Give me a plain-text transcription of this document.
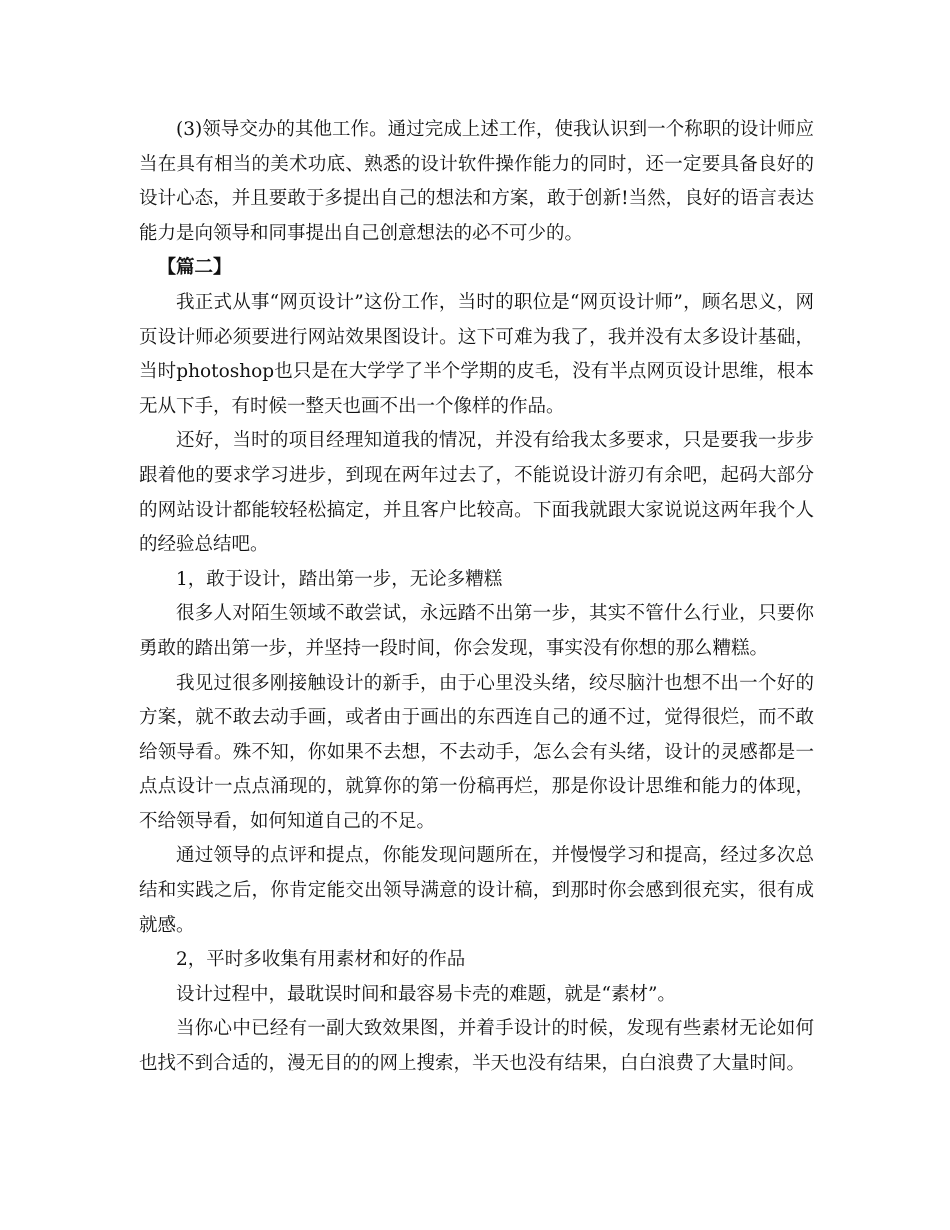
(3)领导交办的其他工作。通过完成上述工作，使我认识到一个称职的设计师应当在具有相当的美术功底、熟悉的设计软件操作能力的同时，还一定要具备良好的设计心态，并且要敢于多提出自己的想法和方案，敢于创新!当然，良好的语言表达能力是向领导和同事提出自己创意想法的必不可少的。

【篇二】

我正式从事“网页设计”这份工作，当时的职位是“网页设计师”，顾名思义，网页设计师必须要进行网站效果图设计。这下可难为我了，我并没有太多设计基础，当时photoshop也只是在大学学了半个学期的皮毛，没有半点网页设计思维，根本无从下手，有时候一整天也画不出一个像样的作品。

还好，当时的项目经理知道我的情况，并没有给我太多要求，只是要我一步步跟着他的要求学习进步，到现在两年过去了，不能说设计游刃有余吧，起码大部分的网站设计都能较轻松搞定，并且客户比较高。下面我就跟大家说说这两年我个人的经验总结吧。

1，敢于设计，踏出第一步，无论多糟糕

很多人对陌生领域不敢尝试，永远踏不出第一步，其实不管什么行业，只要你勇敢的踏出第一步，并坚持一段时间，你会发现，事实没有你想的那么糟糕。

我见过很多刚接触设计的新手，由于心里没头绪，绞尽脑汁也想不出一个好的方案，就不敢去动手画，或者由于画出的东西连自己的通不过，觉得很烂，而不敢给领导看。殊不知，你如果不去想，不去动手，怎么会有头绪，设计的灵感都是一点点设计一点点涌现的，就算你的第一份稿再烂，那是你设计思维和能力的体现，不给领导看，如何知道自己的不足。

通过领导的点评和提点，你能发现问题所在，并慢慢学习和提高，经过多次总结和实践之后，你肯定能交出领导满意的设计稿，到那时你会感到很充实，很有成就感。

2，平时多收集有用素材和好的作品

设计过程中，最耽误时间和最容易卡壳的难题，就是“素材”。

当你心中已经有一副大致效果图，并着手设计的时候，发现有些素材无论如何也找不到合适的，漫无目的的网上搜索，半天也没有结果，白白浪费了大量时间。
